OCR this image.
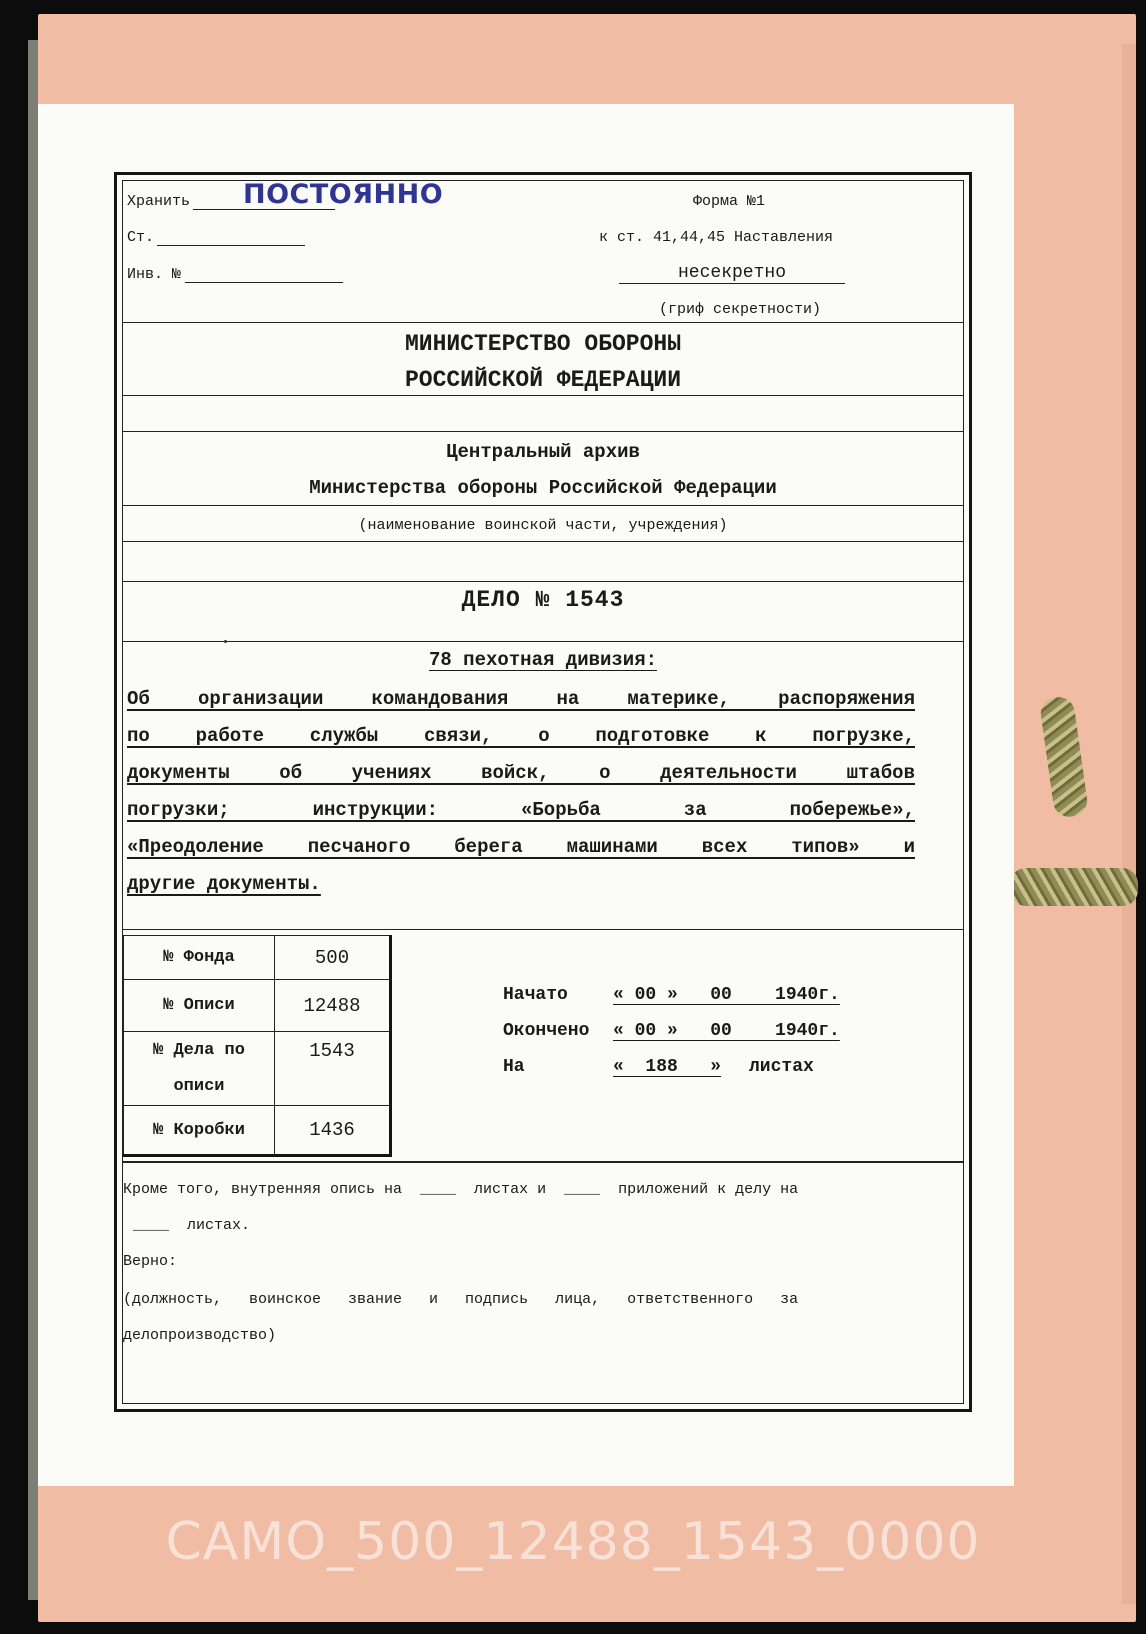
Хранить ПОСТОЯННО
Ст.
Инв. №
Форма №1
к ст. 41,44,45 Наставления
несекретно
(гриф секретности)
МИНИСТЕРСТВО ОБОРОНЫ
РОССИЙСКОЙ ФЕДЕРАЦИИ
Центральный архив
Министерства обороны Российской Федерации
(наименование воинской части, учреждения)
ДЕЛО № 1543
78 пехотная дивизия:
Об организации командования на материке, распоряжения
по работе службы связи, о подготовке к погрузке,
документы об учениях войск, о деятельности штабов
погрузки; инструкции: «Борьба за побережье»,
«Преодоление песчаного берега машинами всех типов» и
другие документы.
№ Фонда	500
№ Описи	12488

№ Дела по
описи	1543
№ Коробки	1436
Начато	« 00 »   00    1940г.
Окончено « 00 »   00    1940г.
На	«  188   » листах
Кроме того, внутренняя опись на  ____  листах и  ____  приложений к делу на
____  листах.
Верно:
(должность,   воинское   звание   и   подпись   лица,   ответственного   за
делопроизводство)
CAMO_500_12488_1543_0000
